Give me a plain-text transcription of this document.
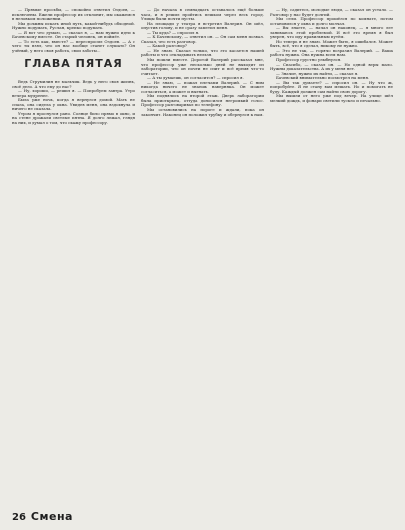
— Прямые просьбы, — спокойно ответил Оздоев, — исключены. Ежели профессор их отклонит, мы окажемся в неловком положении.

Мы должны искать иной путь, какой-нибудь обходной. Нужно подумать, Руслан, крепко подумать.

— Я вот что думаю, — сказал я, — нам нужно идти к Бачевскому вместе. Он старый человек, он поймёт.

— То есть как, вместе? — переспросил Оздоев. — А с чего ты взял, что он нас вообще станет слушать? Он учёный, у него своя работа, свои заботы...

ГЛАВА ПЯТАЯ

Ведь Струмилин не мальчик. Ведь у него своя жизнь, своё дело. А что ему до нас?

— Ну, хорошо, — решил я. — Попробуем завтра. Утро вечера мудренее.

Была уже ночь, когда я вернулся домой. Мать не спала, она сидела у окна. Увидев меня, она вздохнула и ничего не сказала.

Утром я проснулся рано. Солнце било прямо в окно, и на стене дрожали светлые пятна. Я долго лежал, глядя на них, и думал о том, что скажу профессору.

— До начала в семнадцать оставалось ещё больше часа, и я решил пройтись пешком через весь город. Улицы были почти пусты.

На площади у театра я встретил Валерия. Он шёл, опустив голову, и не сразу заметил меня.

— Ты куда? — спросил я.

— К Бачевскому, — ответил он. — Он сам меня позвал. Сказал, что есть разговор.

— Какой разговор?

— Не знаю. Сказал только, что это касается нашей работы и что откладывать нельзя.

Мы пошли вместе. Дорогой Валерий рассказал мне, что профессор уже несколько дней не выходит из лаборатории, что он почти не спит и всё время что-то считает.

— А ты думаешь, он согласится? — спросил я.

— Не знаю, — пожал плечами Валерий. — С ним никогда ничего не знаешь наверняка. Он может согласиться, а может и выгнать.

Мы поднялись на второй этаж. Дверь лаборатории была приоткрыта, оттуда доносился негромкий голос. Профессор разговаривал по телефону.

Мы остановились на пороге и ждали, пока он закончит. Наконец он положил трубку и обернулся к нам.

— Ну, садитесь, молодые люди, — сказал он устало. — Разговор у нас будет долгий.

Мы сели. Профессор прошёлся по комнате, потом остановился у окна и долго молчал.

— Вы знаете, — начал он наконец, — я много лет занимаюсь этой проблемой. И всё это время я был уверен, что иду правильным путём.

Но теперь я не знаю. Может быть, я ошибался. Может быть, всё, что я сделал, никому не нужно.

— Это не так, — горячо возразил Валерий. — Ваша работа нужна. Она нужна всем нам.

Профессор грустно улыбнулся.

— Спасибо, — сказал он. — Но одной веры мало. Нужны доказательства. А их у меня нет.

— Значит, нужно их найти, — сказал я.

Бачевский внимательно посмотрел на меня.

— Вы так думаете? — спросил он. — Ну что ж, попробуйте. Я не стану вам мешать. Но и помогать не буду. Каждый должен сам найти свою дорогу.

Мы вышли от него уже под вечер. На улице шёл мелкий дождь, и фонари светили тускло и печально.

26 Смена
